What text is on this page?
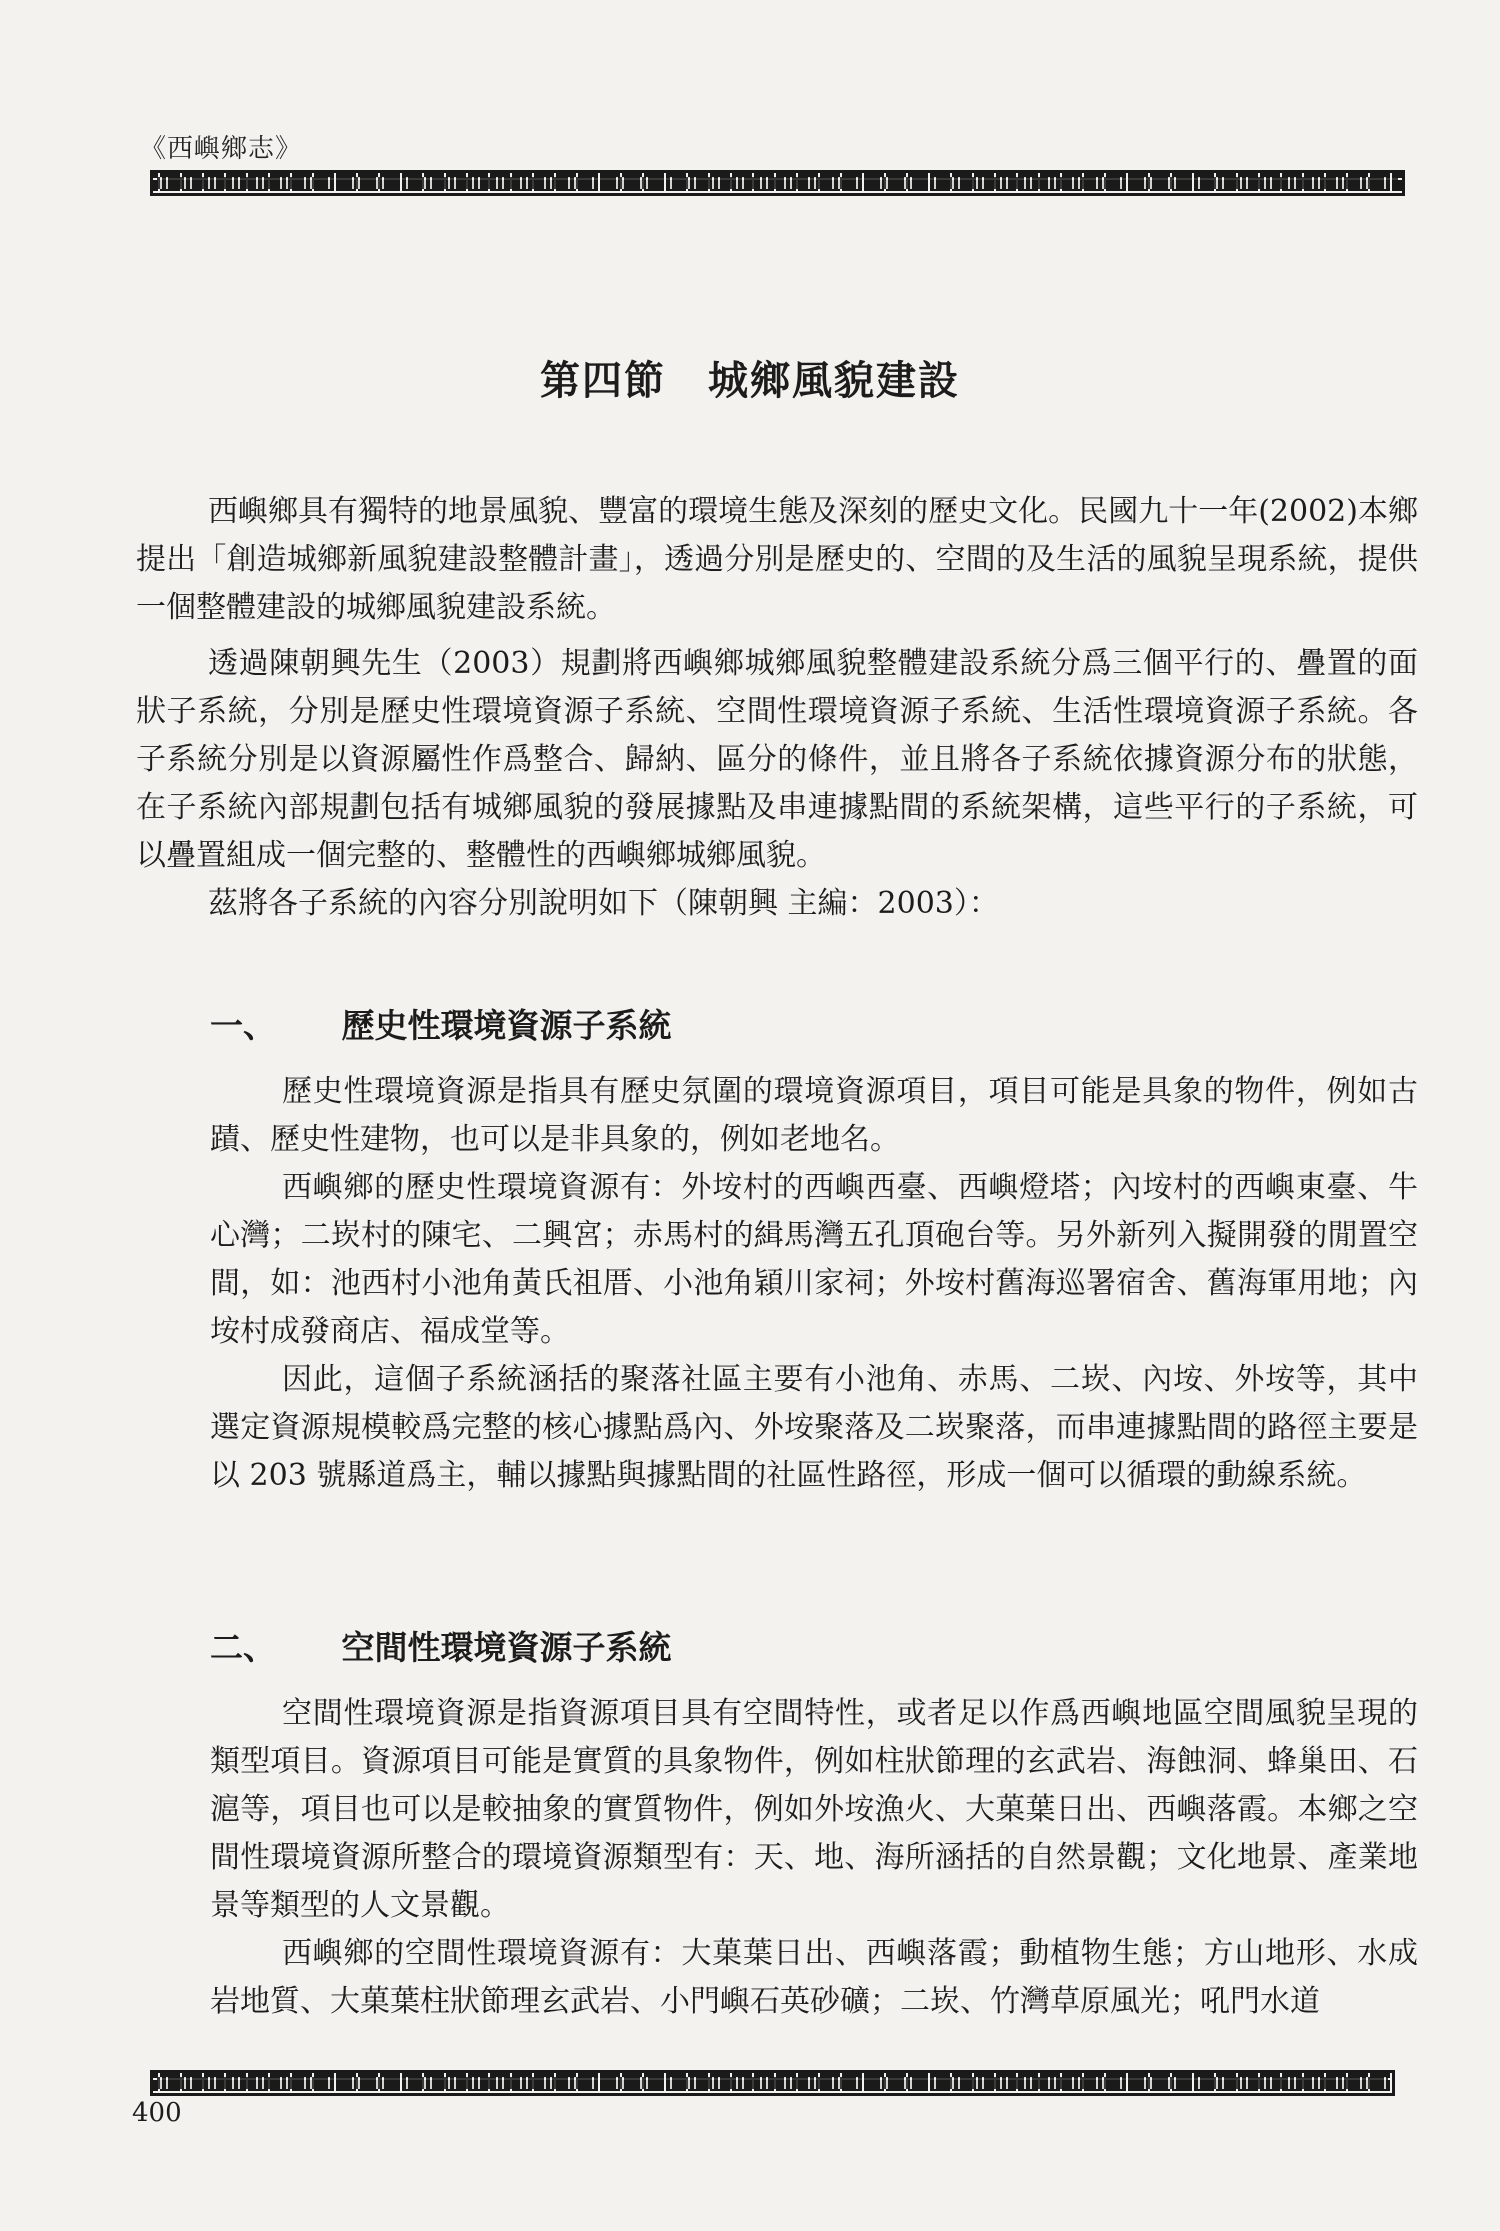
《西嶼鄉志》
第四節　城鄉風貌建設

西嶼鄉具有獨特的地景風貌、豐富的環境生態及深刻的歷史文化。民國九十一年(2002)本鄉提出「創造城鄉新風貌建設整體計畫」，透過分別是歷史的、空間的及生活的風貌呈現系統，提供一個整體建設的城鄉風貌建設系統。

透過陳朝興先生（2003）規劃將西嶼鄉城鄉風貌整體建設系統分爲三個平行的、疊置的面狀子系統，分別是歷史性環境資源子系統、空間性環境資源子系統、生活性環境資源子系統。各子系統分別是以資源屬性作爲整合、歸納、區分的條件，並且將各子系統依據資源分布的狀態，在子系統內部規劃包括有城鄉風貌的發展據點及串連據點間的系統架構，這些平行的子系統，可以疊置組成一個完整的、整體性的西嶼鄉城鄉風貌。

茲將各子系統的內容分別說明如下（陳朝興 主編：2003）：

一、 歷史性環境資源子系統

歷史性環境資源是指具有歷史氛圍的環境資源項目，項目可能是具象的物件，例如古蹟、歷史性建物，也可以是非具象的，例如老地名。

西嶼鄉的歷史性環境資源有：外垵村的西嶼西臺、西嶼燈塔；內垵村的西嶼東臺、牛心灣；二崁村的陳宅、二興宮；赤馬村的緝馬灣五孔頂砲台等。另外新列入擬開發的閒置空間，如：池西村小池角黃氏祖厝、小池角穎川家祠；外垵村舊海巡署宿舍、舊海軍用地；內垵村成發商店、福成堂等。

因此，這個子系統涵括的聚落社區主要有小池角、赤馬、二崁、內垵、外垵等，其中選定資源規模較爲完整的核心據點爲內、外垵聚落及二崁聚落，而串連據點間的路徑主要是以 203 號縣道爲主，輔以據點與據點間的社區性路徑，形成一個可以循環的動線系統。

二、 空間性環境資源子系統

空間性環境資源是指資源項目具有空間特性，或者足以作爲西嶼地區空間風貌呈現的類型項目。資源項目可能是實質的具象物件，例如柱狀節理的玄武岩、海蝕洞、蜂巢田、石滬等，項目也可以是較抽象的實質物件，例如外垵漁火、大菓葉日出、西嶼落霞。本鄉之空間性環境資源所整合的環境資源類型有：天、地、海所涵括的自然景觀；文化地景、產業地景等類型的人文景觀。

西嶼鄉的空間性環境資源有：大菓葉日出、西嶼落霞；動植物生態；方山地形、水成岩地質、大菓葉柱狀節理玄武岩、小門嶼石英砂礦；二崁、竹灣草原風光；吼門水道

400
